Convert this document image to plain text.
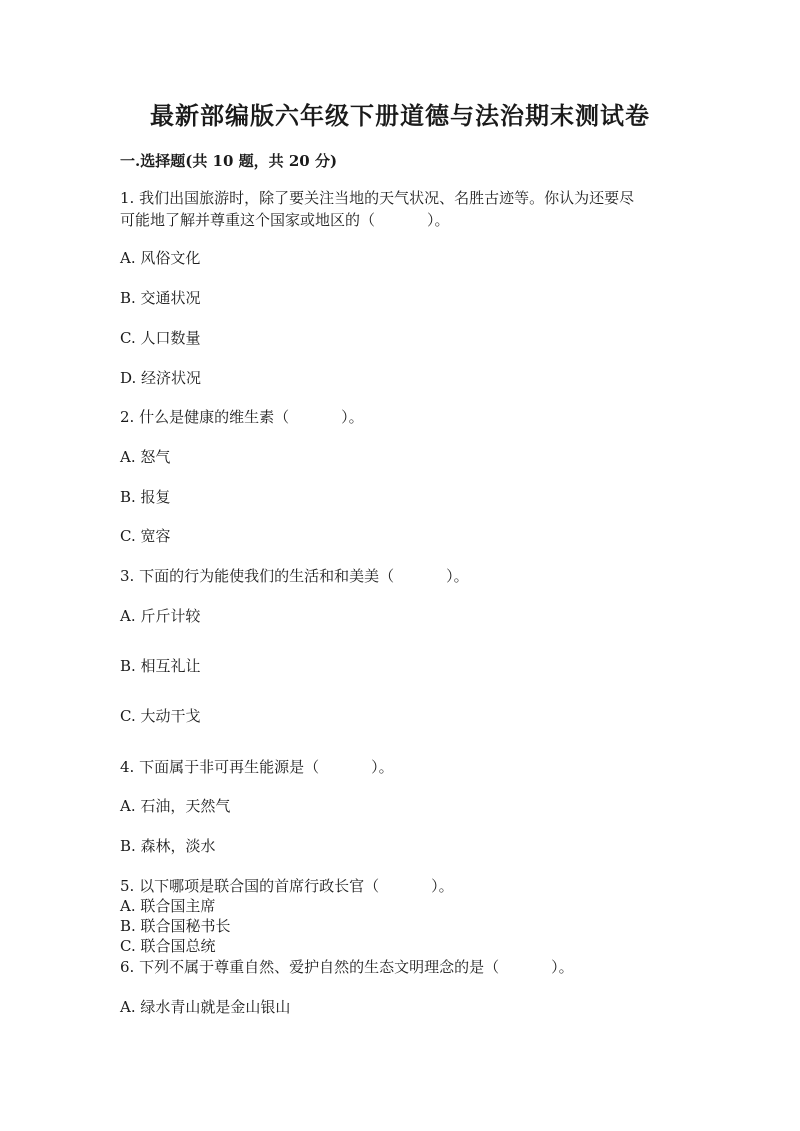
最新部编版六年级下册道德与法治期末测试卷
一.选择题(共 10 题，共 20 分)
1. 我们出国旅游时，除了要关注当地的天气状况、名胜古迹等。你认为还要尽
可能地了解并尊重这个国家或地区的（	）。
A. 风俗文化
B. 交通状况
C. 人口数量
D. 经济状况
2. 什么是健康的维生素（	）。
A. 怒气
B. 报复
C. 宽容
3. 下面的行为能使我们的生活和和美美（	）。
A. 斤斤计较
B. 相互礼让
C. 大动干戈
4. 下面属于非可再生能源是（	）。
A. 石油，天然气
B. 森林，淡水
5. 以下哪项是联合国的首席行政长官（	）。
A. 联合国主席
B. 联合国秘书长
C. 联合国总统
6. 下列不属于尊重自然、爱护自然的生态文明理念的是（	）。
A. 绿水青山就是金山银山
